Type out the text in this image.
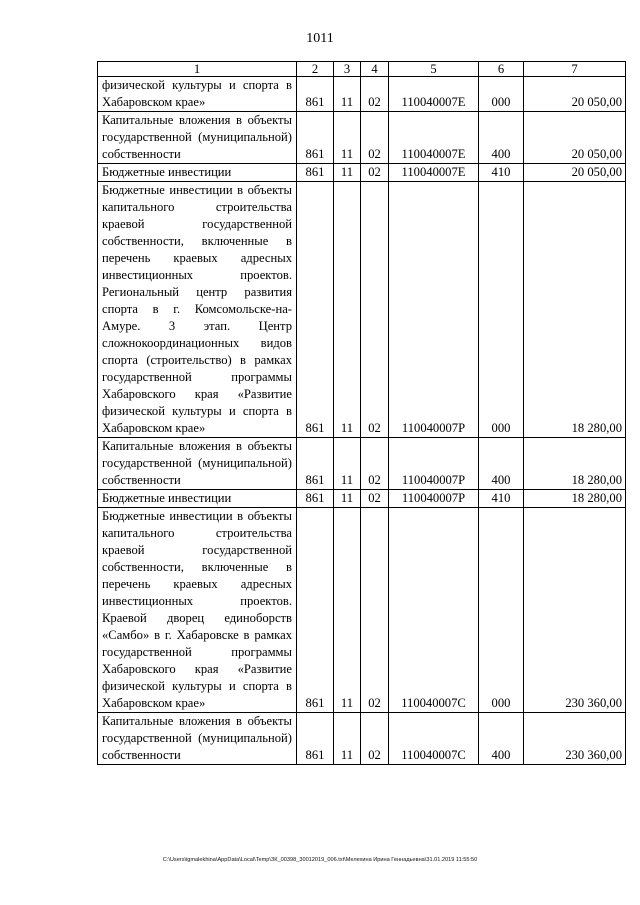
1011
1	2	3	4	5	6	7
физической культуры и спорта в Хабаровском крае»	861	11	02	110040007Е	000	20 050,00
Капитальные вложения в объекты государственной (муниципальной) собственности	861	11	02	110040007Е	400	20 050,00
Бюджетные инвестиции	861	11	02	110040007Е	410	20 050,00
Бюджетные инвестиции в объекты капитального строительства краевой государственной собственности, включенные в перечень краевых адресных инвестиционных проектов. Региональный центр развития спорта в г. Комсомольске-на-Амуре. 3 этап. Центр сложнокоординационных видов спорта (строительство) в рамках государственной программы Хабаровского края «Развитие физической культуры и спорта в Хабаровском крае»	861	11	02	110040007Р	000	18 280,00
Капитальные вложения в объекты государственной (муниципальной) собственности	861	11	02	110040007Р	400	18 280,00
Бюджетные инвестиции	861	11	02	110040007Р	410	18 280,00
Бюджетные инвестиции в объекты капитального строительства краевой государственной собственности, включенные в перечень краевых адресных инвестиционных проектов. Краевой дворец единоборств «Самбо» в г. Хабаровске в рамках государственной программы Хабаровского края «Развитие физической культуры и спорта в Хабаровском крае»	861	11	02	110040007С	000	230 360,00
Капитальные вложения в объекты государственной (муниципальной) собственности	861	11	02	110040007С	400	230 360,00
C:\Users\igmalekhina\AppData\Local\Temp\ЗК_00398_30012019_006.txt\Мелехина Ирина Геннадьевна\31.01.2019 11:55:50
